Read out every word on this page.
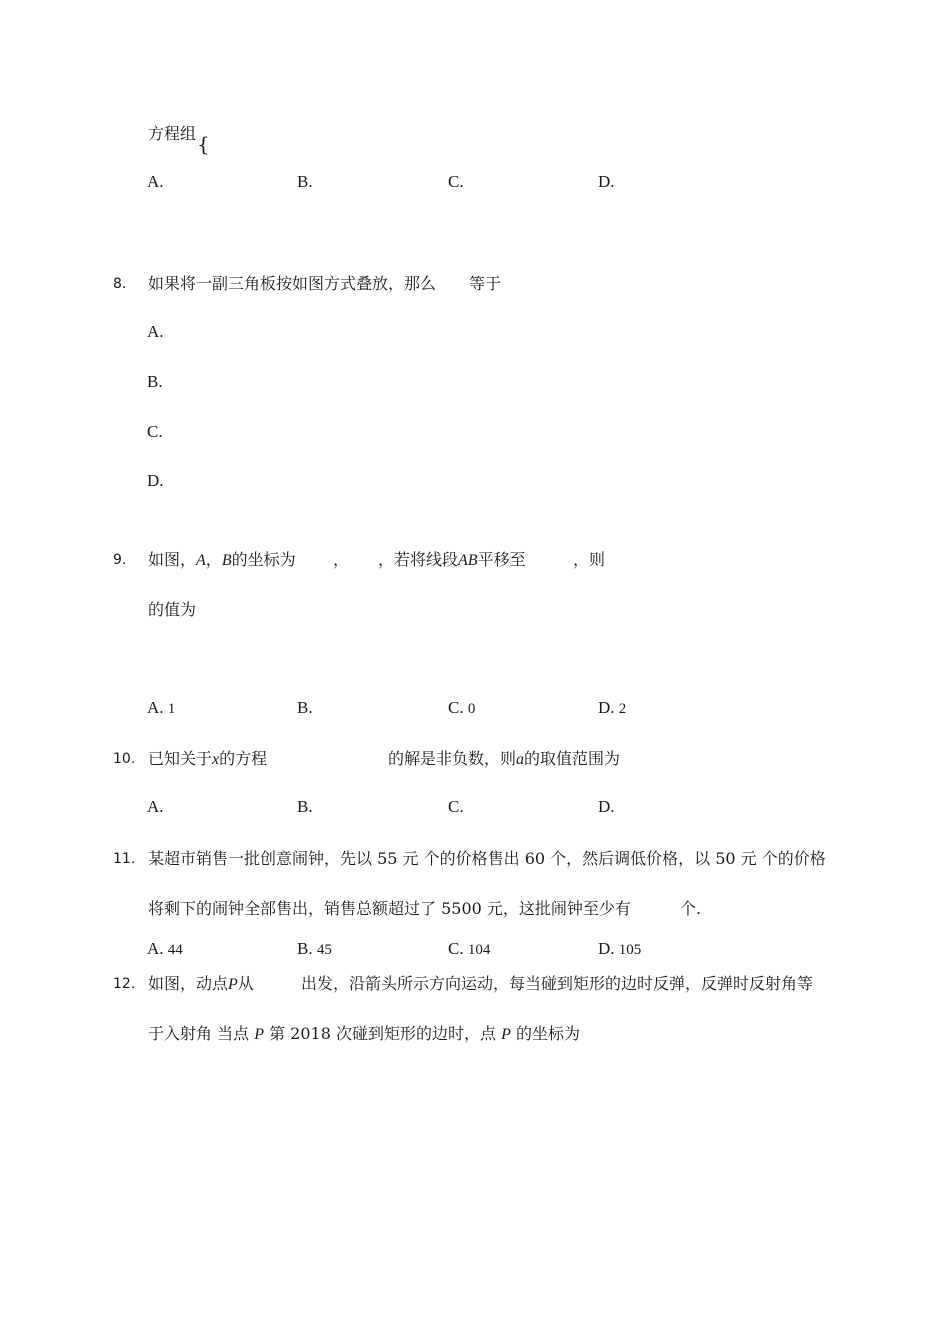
方程组 {
A.	B.	C.	D.
8. 如果将一副三角板按如图方式叠放，那么 等于
A.
B.
C.
D.
9. 如图，A，B的坐标为 ， ，若将线段AB平移至	，则
的值为
A. 1	B.	C. 0	D. 2
10. 已知关于x的方程	的解是非负数，则a的取值范围为
A.	B.	C.	D.
11. 某超市销售一批创意闹钟，先以 55 元 个的价格售出 60 个，然后调低价格，以 50 元 个的价格
将剩下的闹钟全部售出，销售总额超过了 5500 元，这批闹钟至少有	个.
A. 44	B. 45	C. 104	D. 105
12. 如图，动点P从	出发，沿箭头所示方向运动，每当碰到矩形的边时反弹，反弹时反射角等
于入射角 当点 P 第 2018 次碰到矩形的边时，点 P 的坐标为
